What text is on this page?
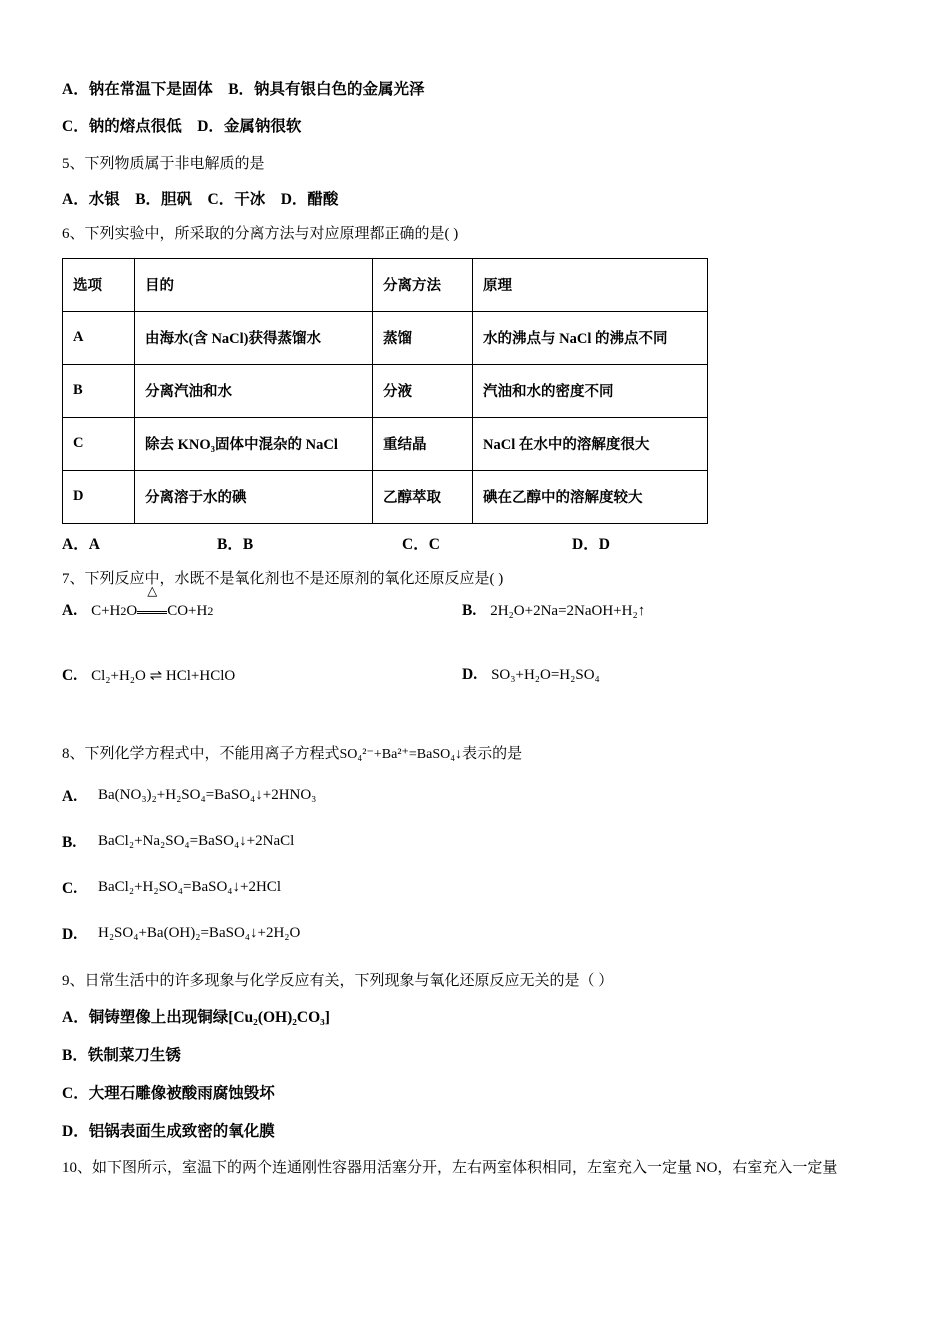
A．钠在常温下是固体　B．钠具有银白色的金属光泽
C．钠的熔点很低　D．金属钠很软
5、下列物质属于非电解质的是
A．水银　B．胆矾　C．干冰　D．醋酸
6、下列实验中，所采取的分离方法与对应原理都正确的是( )
选项	目的	分离方法	原理
A	由海水(含 NaCl)获得蒸馏水	蒸馏	水的沸点与 NaCl 的沸点不同
B	分离汽油和水	分液	汽油和水的密度不同
C	除去 KNO₃固体中混杂的 NaCl	重结晶	NaCl 在水中的溶解度很大
D	分离溶于水的碘	乙醇萃取	碘在乙醇中的溶解度较大
A．A	B．B	C．C	D．D
7、下列反应中，水既不是氧化剂也不是还原剂的氧化还原反应是( )
A. C+H2O
△
CO+H2	B. 2H₂O+2Na=2NaOH+H₂↑
C. Cl₂+H₂O ⇌ HCl+HClO	D. SO₃+H₂O=H₂SO₄
8、下列化学方程式中，不能用离子方程式SO₄²⁻+Ba²⁺=BaSO₄↓表示的是
A. Ba(NO₃)₂+H₂SO₄=BaSO₄↓+2HNO₃
B. BaCl₂+Na₂SO₄=BaSO₄↓+2NaCl
C. BaCl₂+H₂SO₄=BaSO₄↓+2HCl
D. H₂SO₄+Ba(OH)₂=BaSO₄↓+2H₂O
9、日常生活中的许多现象与化学反应有关，下列现象与氧化还原反应无关的是（ ）
A．铜铸塑像上出现铜绿[Cu₂(OH)₂CO₃]
B．铁制菜刀生锈
C．大理石雕像被酸雨腐蚀毁坏
D．铝锅表面生成致密的氧化膜
10、如下图所示，室温下的两个连通刚性容器用活塞分开，左右两室体积相同，左室充入一定量 NO，右室充入一定量
